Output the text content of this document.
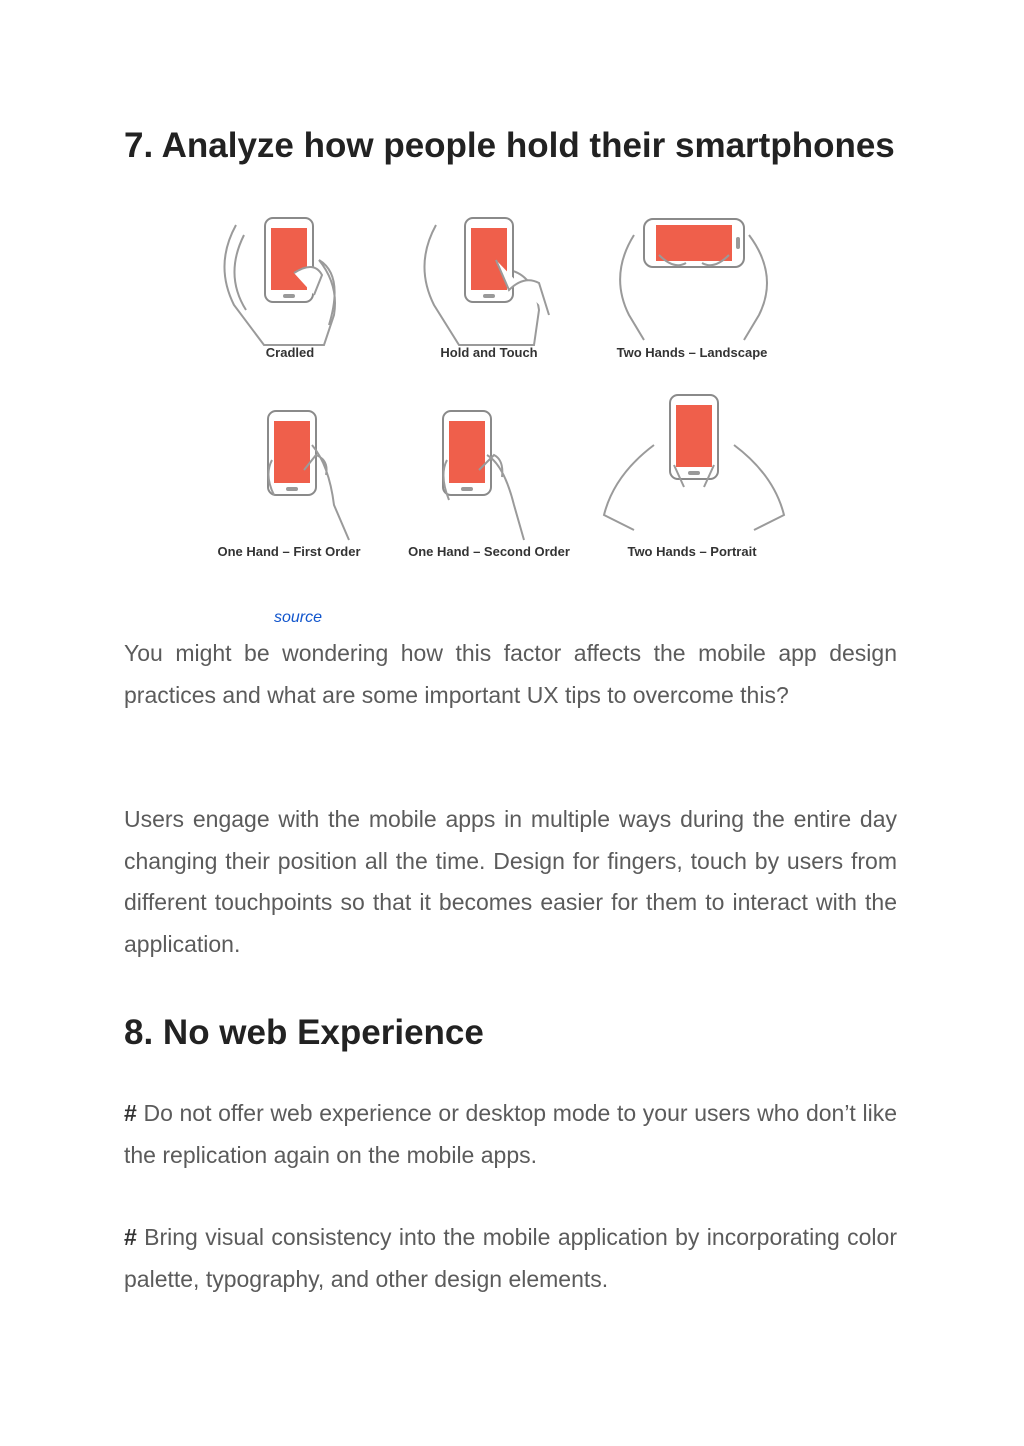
7. Analyze how people hold their smartphones
Cradled	Hold and Touch	Two Hands – Landscape
One Hand – First Order	One Hand – Second Order	Two Hands – Portrait
source

You might be wondering how this factor affects the mobile app design practices and what are some important UX tips to overcome this?

Users engage with the mobile apps in multiple ways during the entire day changing their position all the time. Design for fingers, touch by users from different touchpoints so that it becomes easier for them to interact with the application.

8. No web Experience

# Do not offer web experience or desktop mode to your users who don’t like the replication again on the mobile apps.

# Bring visual consistency into the mobile application by incorporating color palette, typography, and other design elements.
